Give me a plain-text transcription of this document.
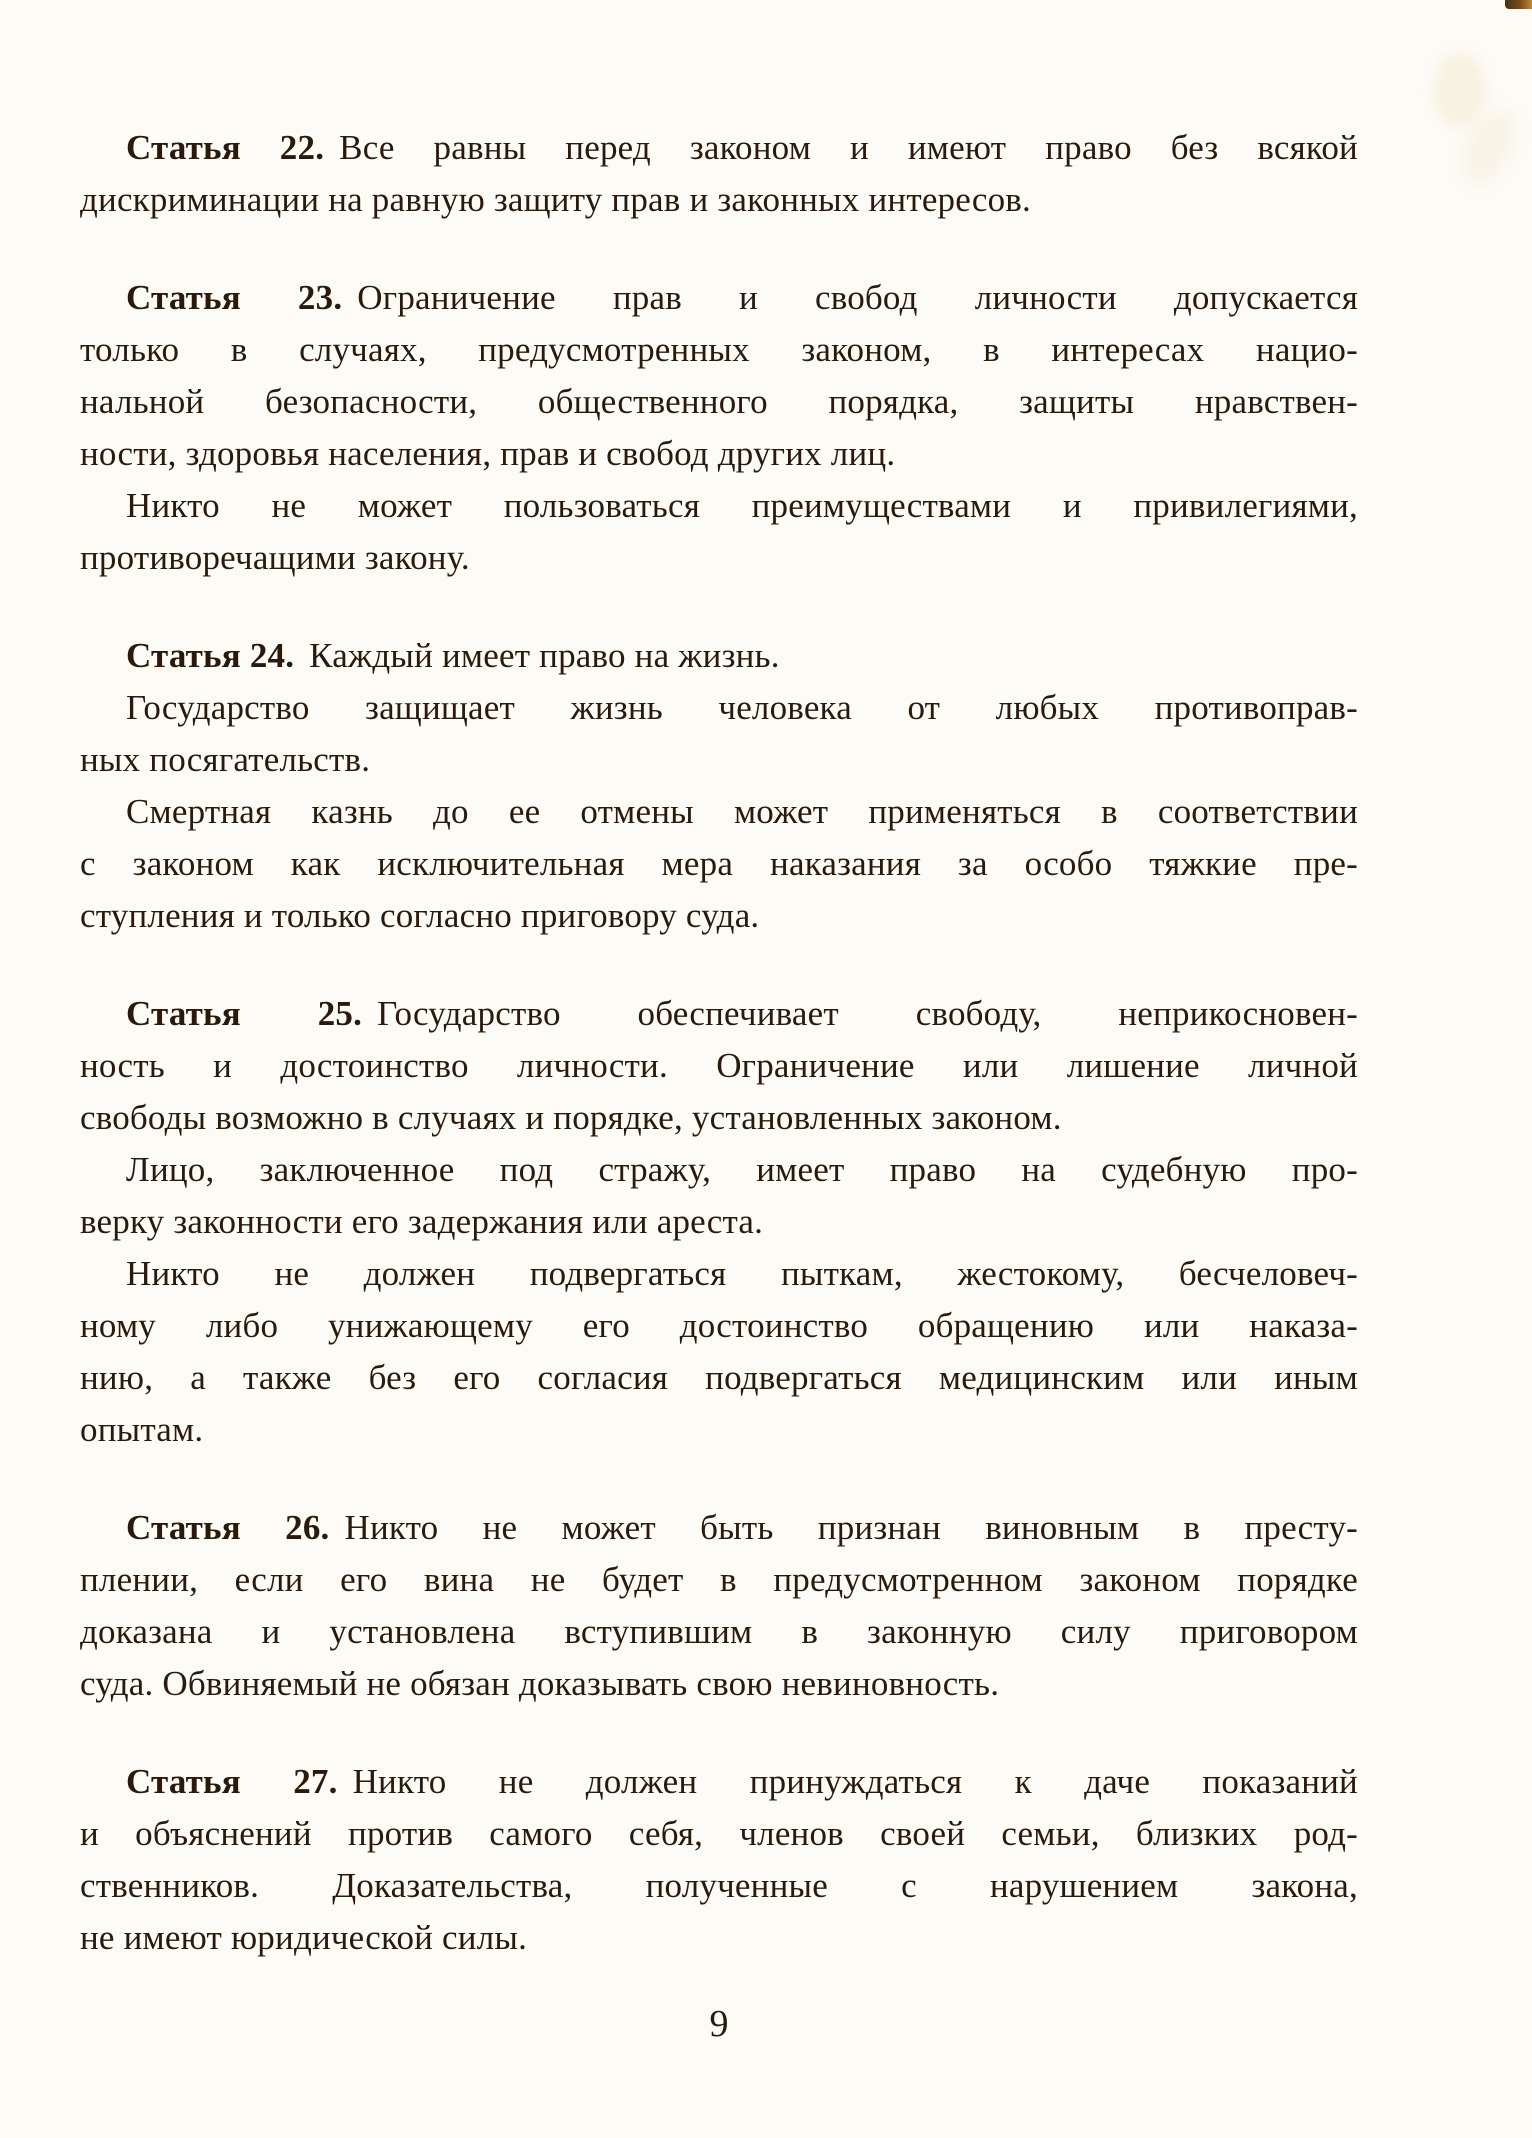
Статья 22. Все равны перед законом и имеют право без всякой
дискриминации на равную защиту прав и законных интересов.
Статья 23. Ограничение прав и свобод личности допускается
только в случаях, предусмотренных законом, в интересах нацио-
нальной безопасности, общественного порядка, защиты нравствен-
ности, здоровья населения, прав и свобод других лиц.
Никто не может пользоваться преимуществами и привилегиями,
противоречащими закону.
Статья 24. Каждый имеет право на жизнь.
Государство защищает жизнь человека от любых противоправ-
ных посягательств.
Смертная казнь до ее отмены может применяться в соответствии
с законом как исключительная мера наказания за особо тяжкие пре-
ступления и только согласно приговору суда.
Статья 25. Государство обеспечивает свободу, неприкосновен-
ность и достоинство личности. Ограничение или лишение личной
свободы возможно в случаях и порядке, установленных законом.
Лицо, заключенное под стражу, имеет право на судебную про-
верку законности его задержания или ареста.
Никто не должен подвергаться пыткам, жестокому, бесчеловеч-
ному либо унижающему его достоинство обращению или наказа-
нию, а также без его согласия подвергаться медицинским или иным
опытам.
Статья 26. Никто не может быть признан виновным в престу-
плении, если его вина не будет в предусмотренном законом порядке
доказана и установлена вступившим в законную силу приговором
суда. Обвиняемый не обязан доказывать свою невиновность.
Статья 27. Никто не должен принуждаться к даче показаний
и объяснений против самого себя, членов своей семьи, близких род-
ственников. Доказательства, полученные с нарушением закона,
не имеют юридической силы.
9
